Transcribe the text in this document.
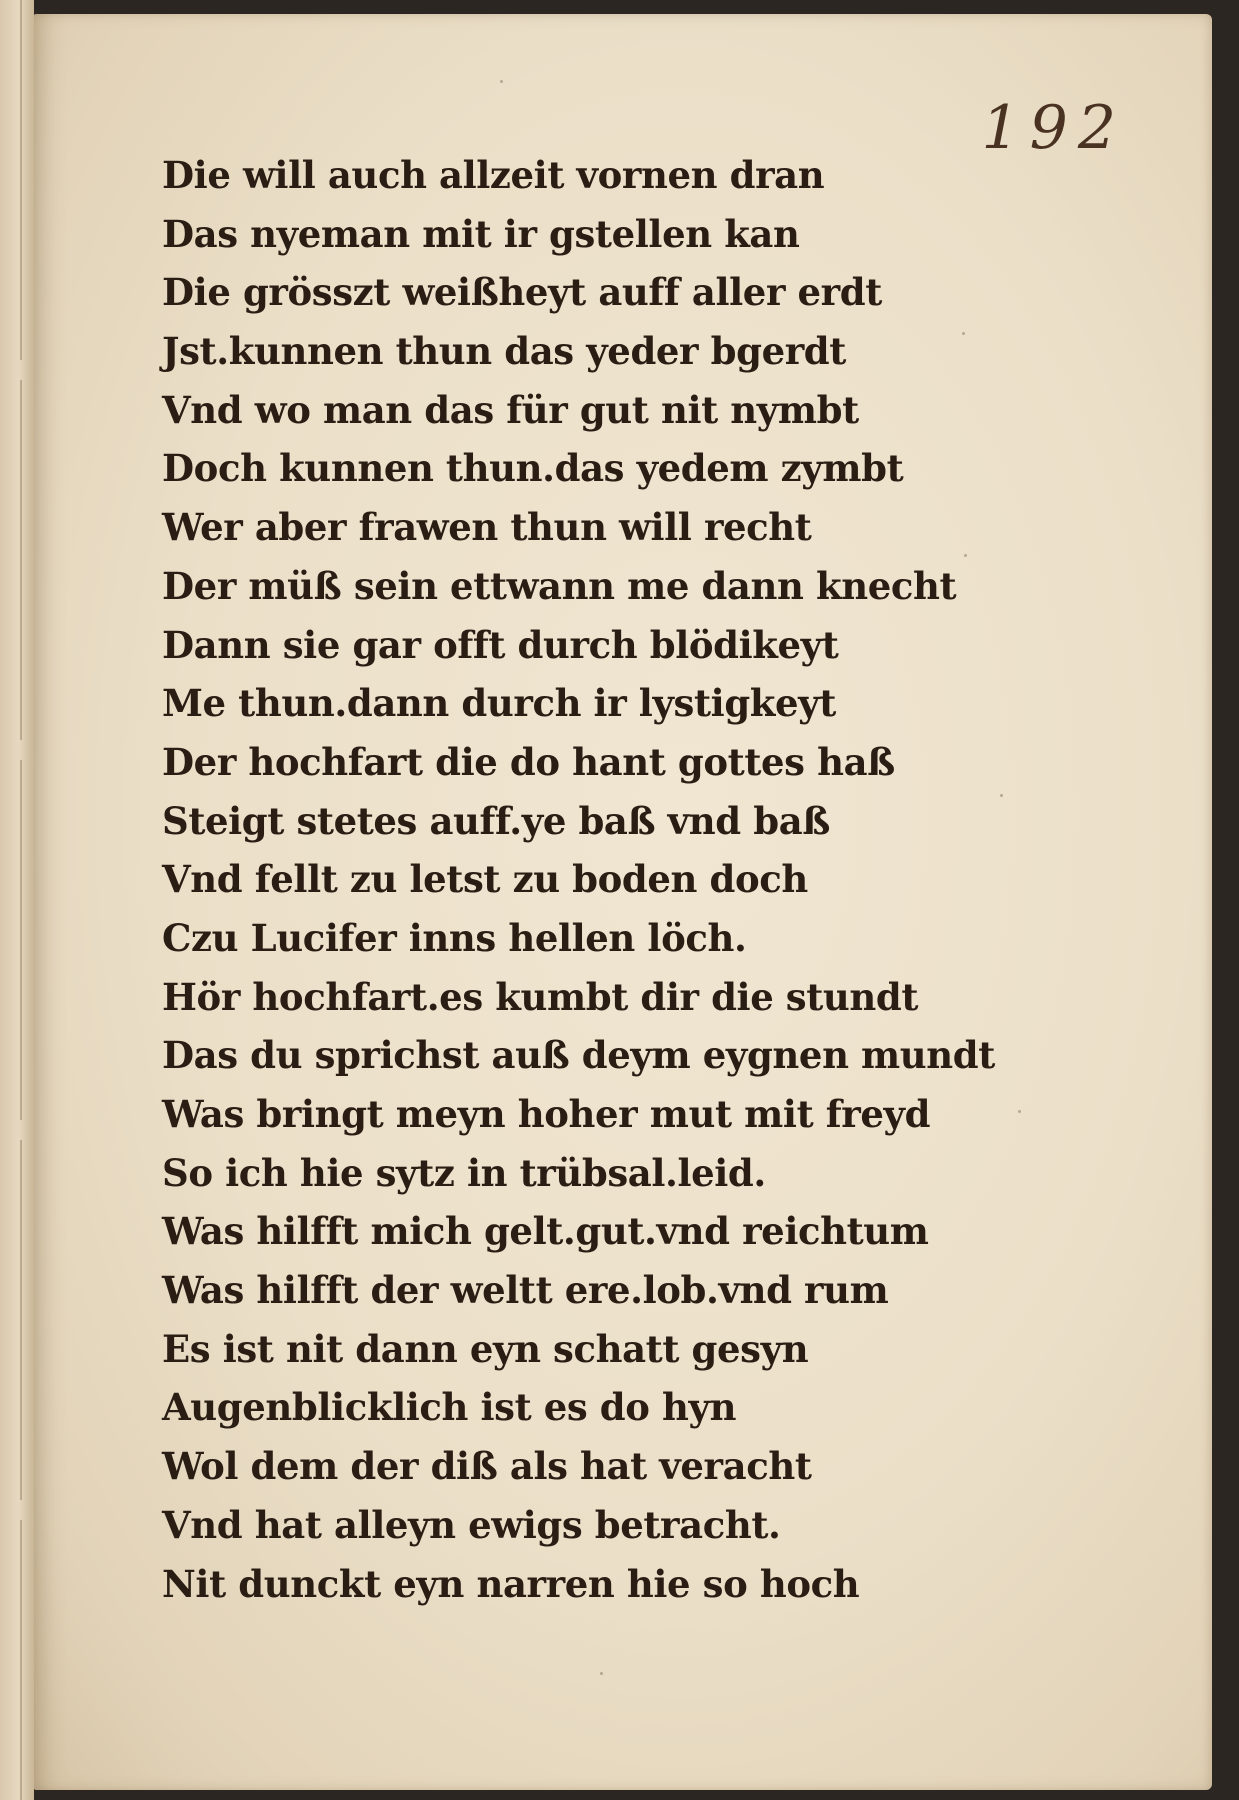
192
Die will auch allzeit vornen dran
Das nyeman mit ir gstellen kan
Die grösszt weißheyt auff aller erdt
Jst.kunnen thun das yeder bgerdt
Vnd wo man das für gut nit nymbt
Doch kunnen thun.das yedem zymbt
Wer aber frawen thun will recht
Der müß sein ettwann me dann knecht
Dann sie gar offt durch blödikeyt
Me thun.dann durch ir lystigkeyt
Der hochfart die do hant gottes haß
Steigt stetes auff.ye baß vnd baß
Vnd fellt zu letst zu boden doch
Czu Lucifer inns hellen löch.
Hör hochfart.es kumbt dir die stundt
Das du sprichst auß deym eygnen mundt
Was bringt meyn hoher mut mit freyd
So ich hie sytz in trübsal.leid.
Was hilfft mich gelt.gut.vnd reichtum
Was hilfft der weltt ere.lob.vnd rum
Es ist nit dann eyn schatt gesyn
Augenblicklich ist es do hyn
Wol dem der diß als hat veracht
Vnd hat alleyn ewigs betracht.
Nit dunckt eyn narren hie so hoch
